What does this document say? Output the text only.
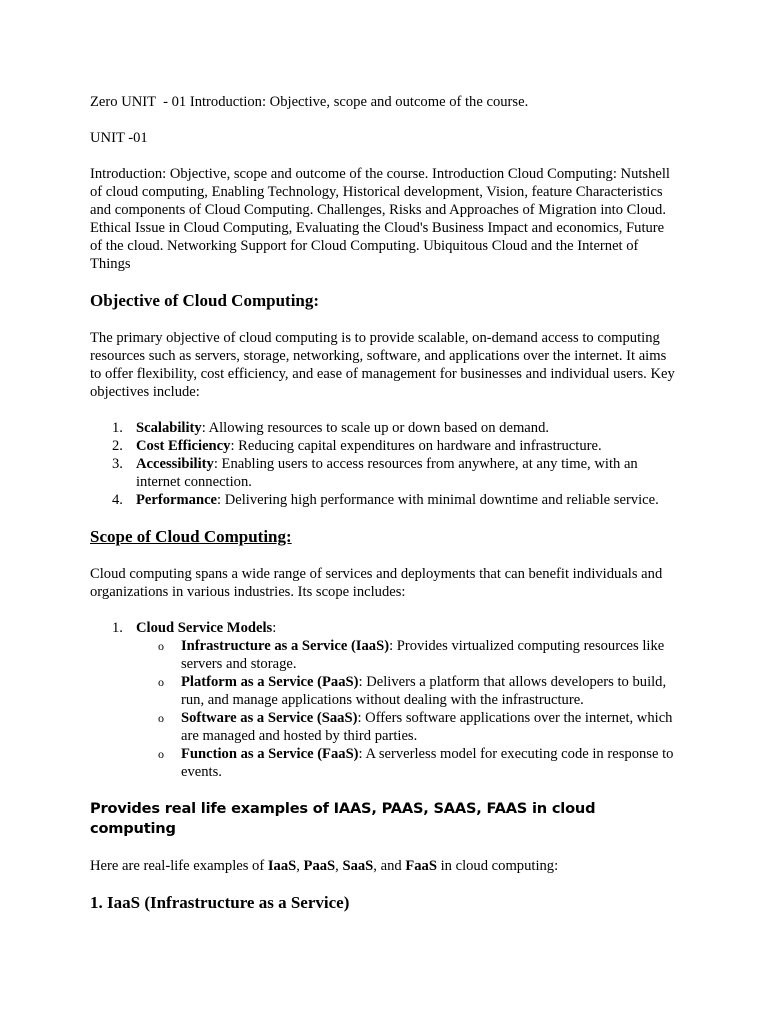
Zero UNIT  - 01 Introduction: Objective, scope and outcome of the course.

UNIT -01

Introduction: Objective, scope and outcome of the course. Introduction Cloud Computing: Nutshell of cloud computing, Enabling Technology, Historical development, Vision, feature Characteristics and components of Cloud Computing. Challenges, Risks and Approaches of Migration into Cloud. Ethical Issue in Cloud Computing, Evaluating the Cloud's Business Impact and economics, Future of the cloud. Networking Support for Cloud Computing. Ubiquitous Cloud and the Internet of Things

Objective of Cloud Computing:

The primary objective of cloud computing is to provide scalable, on-demand access to computing resources such as servers, storage, networking, software, and applications over the internet. It aims to offer flexibility, cost efficiency, and ease of management for businesses and individual users. Key objectives include:

1. Scalability: Allowing resources to scale up or down based on demand.
2. Cost Efficiency: Reducing capital expenditures on hardware and infrastructure.
3. Accessibility: Enabling users to access resources from anywhere, at any time, with an internet connection.
4. Performance: Delivering high performance with minimal downtime and reliable service.
Scope of Cloud Computing:

Cloud computing spans a wide range of services and deployments that can benefit individuals and organizations in various industries. Its scope includes:

1. Cloud Service Models:
o Infrastructure as a Service (IaaS): Provides virtualized computing resources like servers and storage.
o Platform as a Service (PaaS): Delivers a platform that allows developers to build, run, and manage applications without dealing with the infrastructure.
o Software as a Service (SaaS): Offers software applications over the internet, which are managed and hosted by third parties.
o Function as a Service (FaaS): A serverless model for executing code in response to events.
Provides real life examples of IAAS, PAAS, SAAS, FAAS in cloud computing

Here are real-life examples of IaaS, PaaS, SaaS, and FaaS in cloud computing:

1. IaaS (Infrastructure as a Service)
